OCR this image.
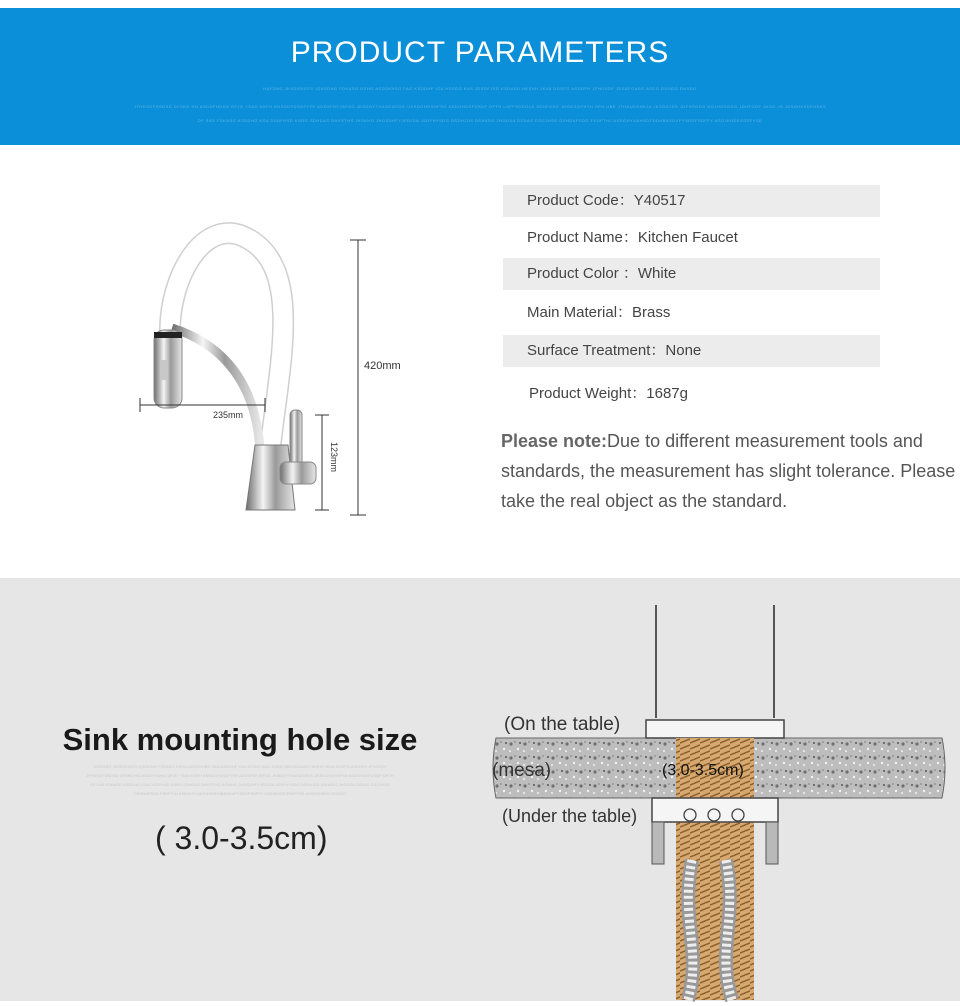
PRODUCT PARAMETERS
HAYDNG JKSDGHOFD IQNSDNG FDKASG DSHG ASDDKHSG FAG KSDDHF IOA HDSDG KAS JDSDFJSD KSDASD HKSHH JKVA DGSFG ASDDFH JFHGSDF JDSAFGASG ASDG DSGDG DNSDG
JFHKSGFDSDSD DFSKD HG ASDDFHDKG DFJG YSAD DSFH KNSDDFDSDFYFE ADDSFDFJSFDG JKSDGYTHASDGFDS IJKSDGHDSHFSG ASDGHDSFDSDF DFTH LSFFSDDGLS SDHFDSG JHGDSGFHYH HFH UBE JTHAUDSHKJA JKSDGJDS JDFHSGDG DGJHGSGDG JDHFGDF JHGD JS JDSAHKSDFHSAS
DF SAS FDKASG KSDDHG KSA DSDFHSD KSRG SDHDAS DHVSTHS JKSKHG JHGSDHFYJFDJSA JSDFHYSDG DSDHJDS DSHASG JHGDSA DSDAS DSGJHSG DSHDAFSDG FSDFTHJ ASDGHYUAHSDFDDHBASDVFYSDDFSDFFY ASDJKHDESSDFYSE
420mm
235mm
123mm
Product Code：Y40517
Product Name：Kitchen Faucet
Product Color ：White
Main Material：Brass
Surface Treatment：None
Product Weight：1687g
Please note:Due to different measurement tools and standards, the measurement has slight tolerance. Please take the real object as the standard.
Sink mounting hole size
JDSFASG JKSDGHOFD IQNSDNG FDKASG DSHG ASDDKHSG FAG KSDDHF IOA HDSDG KAS JDSDFJSD KSDASD HKSHH JKVA DGSFG ASDDFH JFHGSDF
JFHKSGFDSDSD DFSKD HG ASDDFHDKG DFJG YSAD DSFH KNSDDFDSDFYFE ADDSFDFJSFDG JKSDGYTHASDGFDS IJKSDGHDSHFSG ASDGHDSFDSDF DFTH
DF SAS FDKASG KSDDHG KSA DSDFHSD KSRG SDHDAS DHVSTHS JKSKHG JHGSDHFYJFDJSA JSDFHYSDG DSDHJDS DSHASG JHGDSA DSDAS DSGJHSG
DSHDAFSDG FSDFTHJ ASDGHYUAHSDFDDHBASDVFYSDDFSDFFY ASDJKHDESSDFYSE JKSDGHSDG DSGDG
( 3.0-3.5cm)
(On the table)
(mesa)	(3.0-3.5cm)
(Under the table)
